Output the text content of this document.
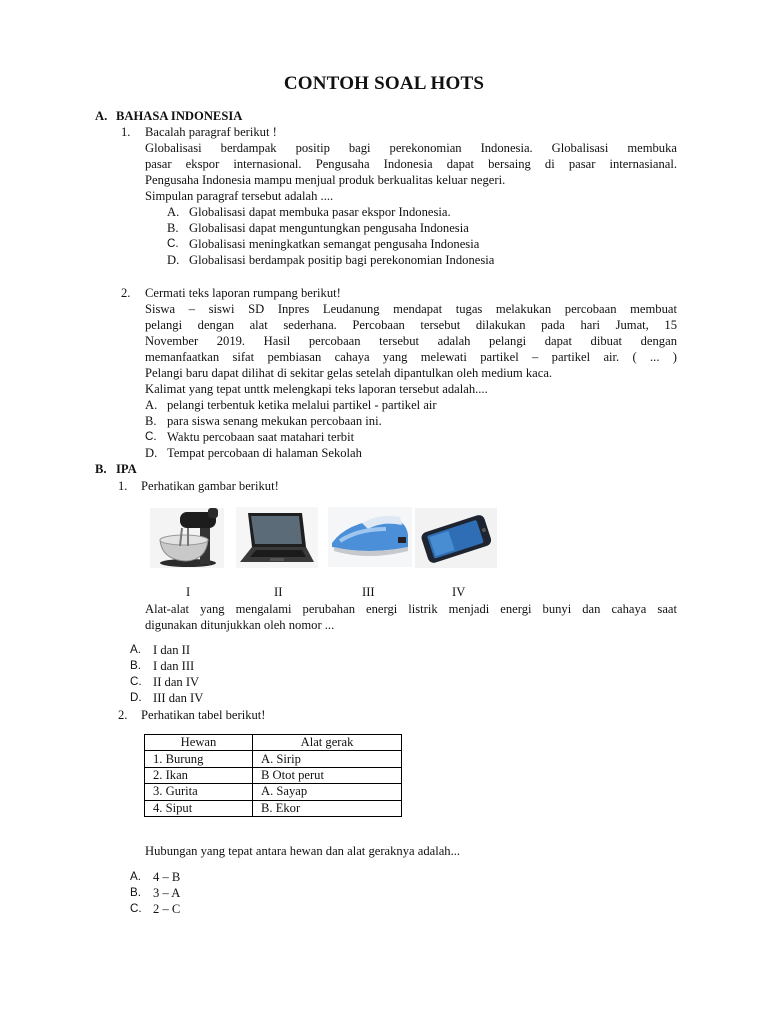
CONTOH SOAL HOTS
A. BAHASA INDONESIA
1. Bacalah paragraf berikut !
Globalisasi berdampak positip bagi perekonomian Indonesia. Globalisasi membuka
pasar ekspor internasional. Pengusaha Indonesia dapat bersaing di pasar internasianal.
Pengusaha Indonesia mampu menjual produk berkualitas keluar negeri.
Simpulan paragraf tersebut adalah ....
A. Globalisasi dapat membuka pasar ekspor Indonesia.
B. Globalisasi dapat menguntungkan pengusaha Indonesia
C. Globalisasi meningkatkan semangat pengusaha Indonesia
D. Globalisasi berdampak positip bagi perekonomian Indonesia
2. Cermati teks laporan rumpang berikut!
Siswa – siswi SD Inpres Leudanung mendapat tugas melakukan percobaan membuat
pelangi dengan alat sederhana. Percobaan tersebut dilakukan pada hari Jumat, 15
November 2019. Hasil percobaan tersebut adalah pelangi dapat dibuat dengan
memanfaatkan sifat pembiasan cahaya yang melewati partikel – partikel air. ( ... )
Pelangi baru dapat dilihat di sekitar gelas setelah dipantulkan oleh medium kaca.
Kalimat yang tepat unttk melengkapi teks laporan tersebut adalah....
A. pelangi terbentuk ketika melalui partikel - partikel air
B. para siswa senang mekukan percobaan ini.
C. Waktu percobaan saat matahari terbit
D. Tempat percobaan di halaman Sekolah
B. IPA
1. Perhatikan gambar berikut!
I	II	III	IV
Alat-alat yang mengalami perubahan energi listrik menjadi energi bunyi dan cahaya saat
digunakan ditunjukkan oleh nomor ...
A. I dan II
B. I dan III
C. II dan IV
D. III dan IV
2. Perhatikan tabel berikut!
Hewan	Alat gerak
1. Burung	A. Sirip
2. Ikan	B Otot perut
3. Gurita	A. Sayap
4. Siput	B. Ekor
Hubungan yang tepat antara hewan dan alat geraknya adalah...
A. 4 – B
B. 3 – A
C. 2 – C
